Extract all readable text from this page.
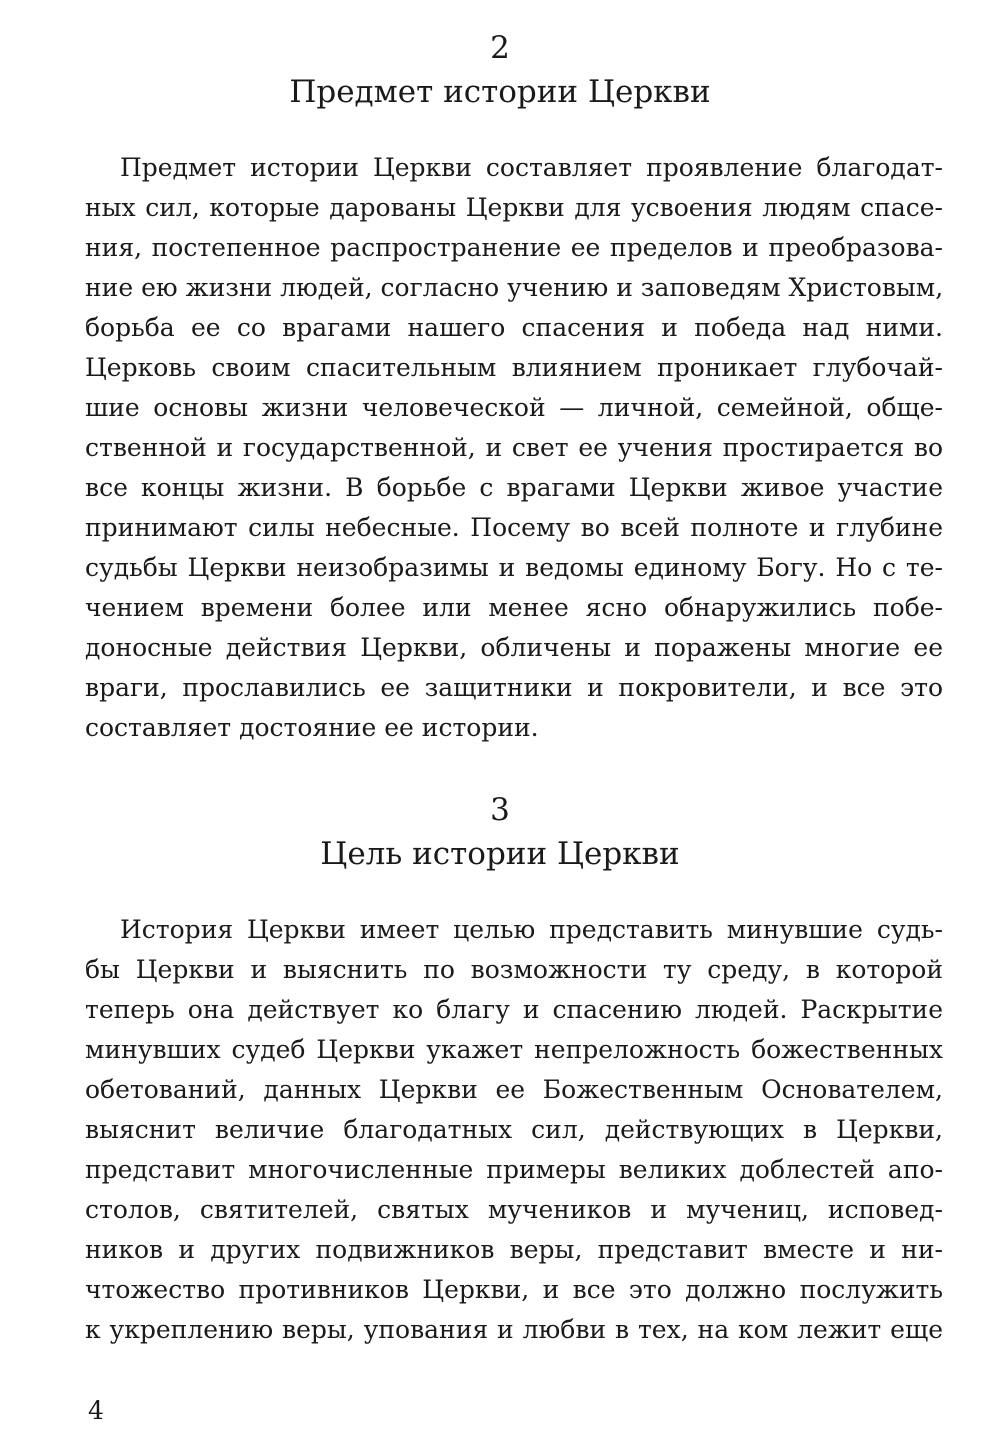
2
Предмет истории Церкви
Предмет истории Церкви составляет проявление благодат-
ных сил, которые дарованы Церкви для усвоения людям спасе-
ния, постепенное распространение ее пределов и преобразова-
ние ею жизни людей, согласно учению и заповедям Христовым,
борьба ее со врагами нашего спасения и победа над ними.
Церковь своим спасительным влиянием проникает глубочай-
шие основы жизни человеческой — личной, семейной, обще-
ственной и государственной, и свет ее учения простирается во
все концы жизни. В борьбе с врагами Церкви живое участие
принимают силы небесные. Посему во всей полноте и глубине
судьбы Церкви неизобразимы и ведомы единому Богу. Но с те-
чением времени более или менее ясно обнаружились побе-
доносные действия Церкви, обличены и поражены многие ее
враги, прославились ее защитники и покровители, и все это
составляет достояние ее истории.
3
Цель истории Церкви
История Церкви имеет целью представить минувшие судь-
бы Церкви и выяснить по возможности ту среду, в которой
теперь она действует ко благу и спасению людей. Раскрытие
минувших судеб Церкви укажет непреложность божественных
обетований, данных Церкви ее Божественным Основателем,
выяснит величие благодатных сил, действующих в Церкви,
представит многочисленные примеры великих доблестей апо-
столов, святителей, святых мучеников и мучениц, исповед-
ников и других подвижников веры, представит вместе и ни-
чтожество противников Церкви, и все это должно послужить
к укреплению веры, упования и любви в тех, на ком лежит еще
4
